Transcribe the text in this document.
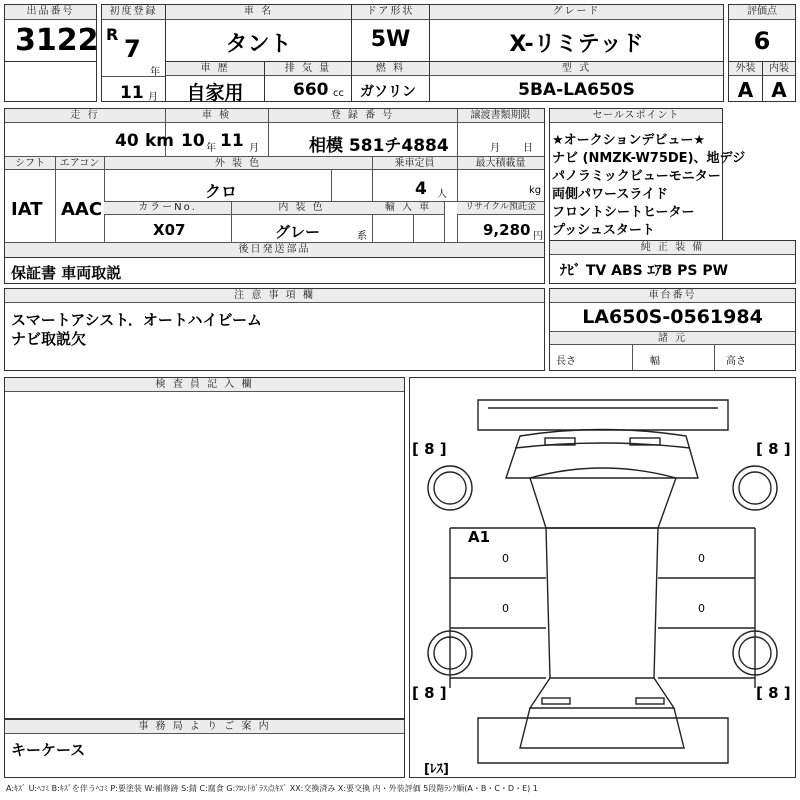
出品番号
3122
初度登録
R
7
年
11 月
車 名
タント
ドア形状
5W
グレード
X-リミテッド
評価点
6
車 歴
自家用
排 気 量
660 cc
燃 料
ガソリン
型 式
5BA-LA650S
外装
A
内装
A
走 行	車 検	登 録 番 号	譲渡書類期限
40 km 10 年 11 月	相模 581チ4884	月 日
シフト	エアコン	外 装 色	乗車定員	最大積載量
IAT AAC
クロ	4 人	kg
カラーNo.	内 装 色	輸 入 車	リサイクル預託金
X07	グレー	系	9,280 円
後日発送部品
保証書 車両取説
セールスポイント
★オークションデビュー★
ナビ (NMZK-W75DE)、地デジ
パノラミックビューモニター
両側パワースライド
フロントシートヒーター
プッシュスタート
純 正 装 備
ﾅﾋﾞ TV ABS ｴｱB PS PW
注 意 事 項 欄
スマートアシスト．オートハイビーム
ナビ取説欠
車台番号
LA650S-0561984
諸 元
長さ	幅	高さ
検 査 員 記 入 欄
事 務 局 よ り ご 案 内
キーケース
[ 8 ]	[ 8 ]
[ 8 ]	[ 8 ]
A1
0
0
0
0
[ﾚｽ]
A:ｷｽﾞ U:ﾍｺﾐ B:ｷｽﾞを伴うﾍｺﾐ P:要塗装 W:補修跡 S:錆 C:腐食 G:ﾌﾛﾝﾄｶﾞﾗｽ点ｷｽﾞ XX:交換済み X:要交換 内・外装評価 5段階ﾗﾝｸ順(A・B・C・D・E) 1
